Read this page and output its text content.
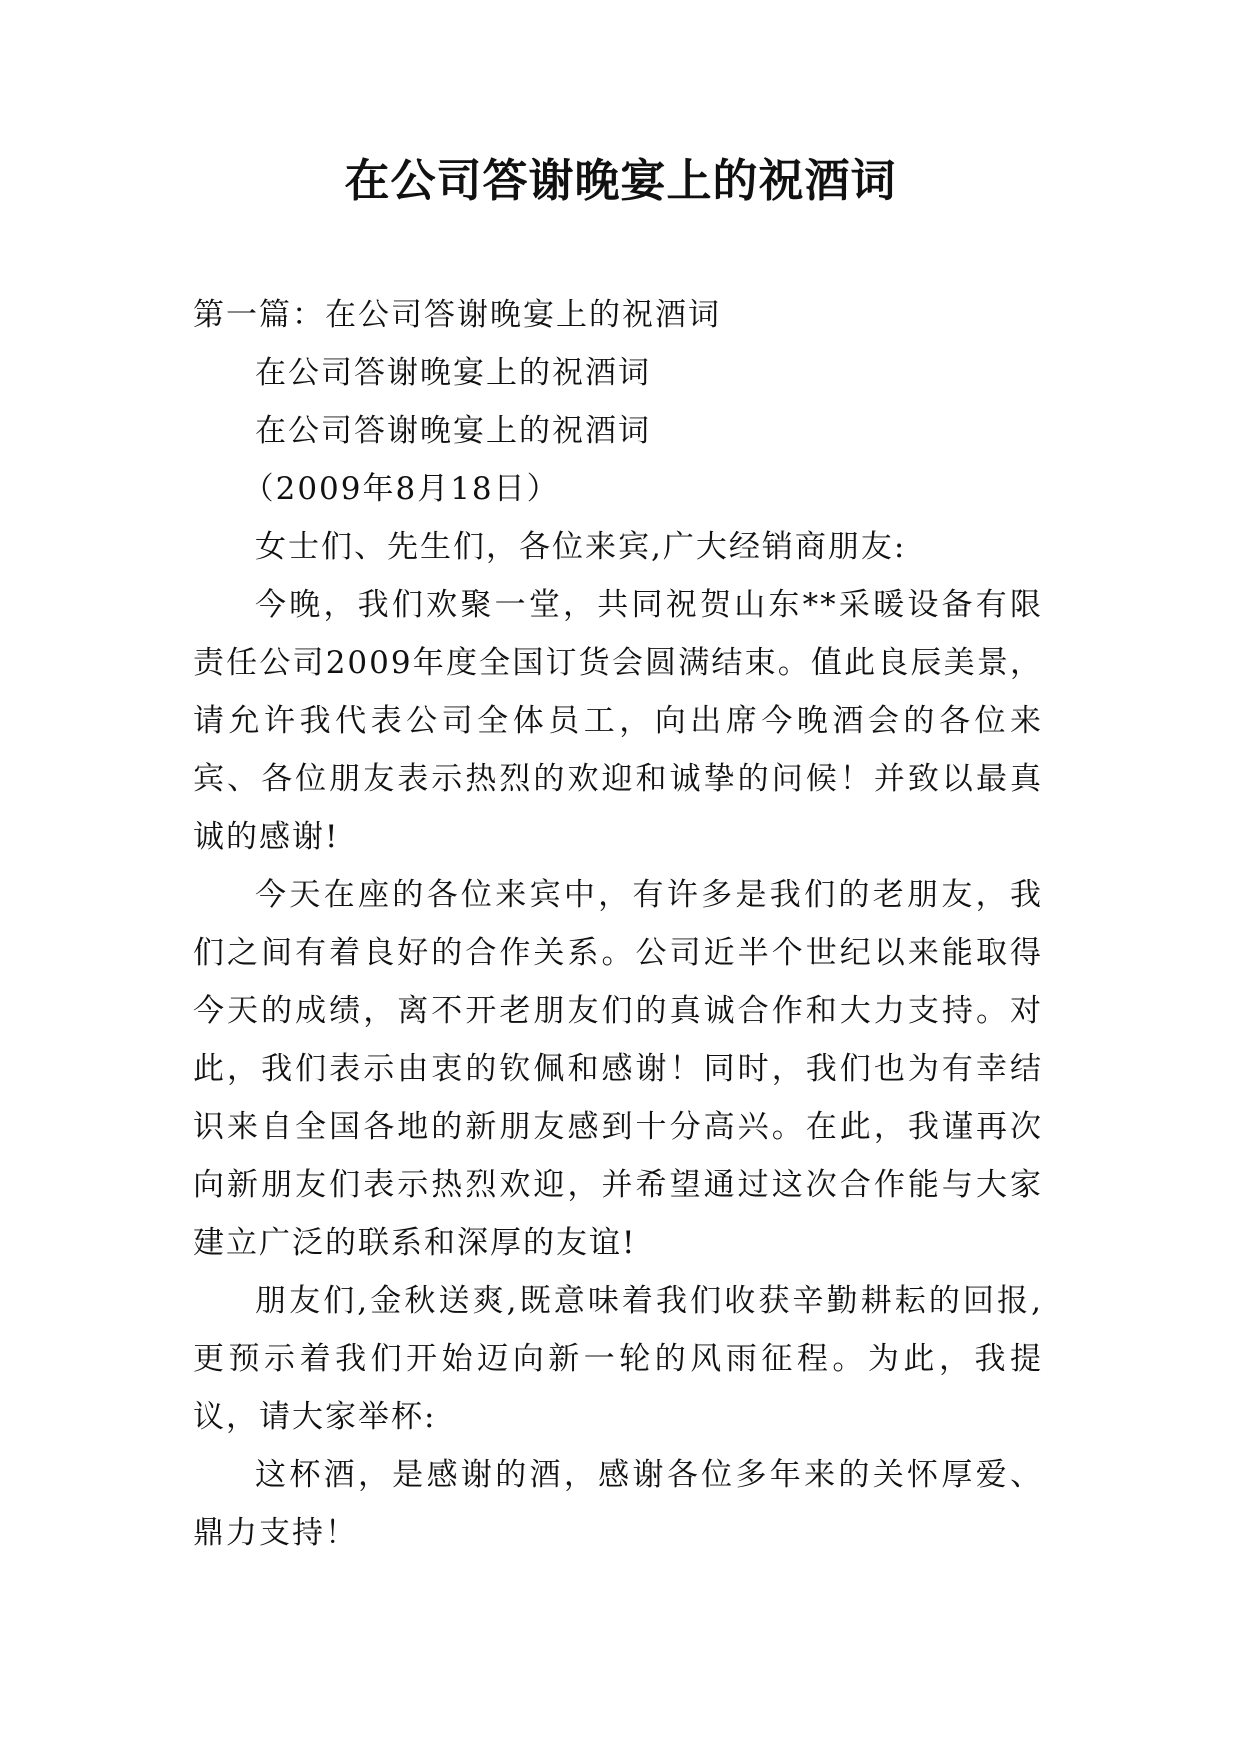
在公司答谢晚宴上的祝酒词

第一篇：在公司答谢晚宴上的祝酒词

在公司答谢晚宴上的祝酒词

在公司答谢晚宴上的祝酒词

（2009年8月18日）

女士们、先生们，各位来宾,广大经销商朋友:

今晚，我们欢聚一堂，共同祝贺山东**采暖设备有限责任公司2009年度全国订货会圆满结束。值此良辰美景，请允许我代表公司全体员工，向出席今晚酒会的各位来宾、各位朋友表示热烈的欢迎和诚挚的问候！并致以最真诚的感谢!

今天在座的各位来宾中，有许多是我们的老朋友，我们之间有着良好的合作关系。公司近半个世纪以来能取得今天的成绩，离不开老朋友们的真诚合作和大力支持。对此，我们表示由衷的钦佩和感谢！同时，我们也为有幸结识来自全国各地的新朋友感到十分高兴。在此，我谨再次向新朋友们表示热烈欢迎，并希望通过这次合作能与大家建立广泛的联系和深厚的友谊!

朋友们,金秋送爽,既意味着我们收获辛勤耕耘的回报,更预示着我们开始迈向新一轮的风雨征程。为此，我提议，请大家举杯:

这杯酒，是感谢的酒，感谢各位多年来的关怀厚爱、鼎力支持！
